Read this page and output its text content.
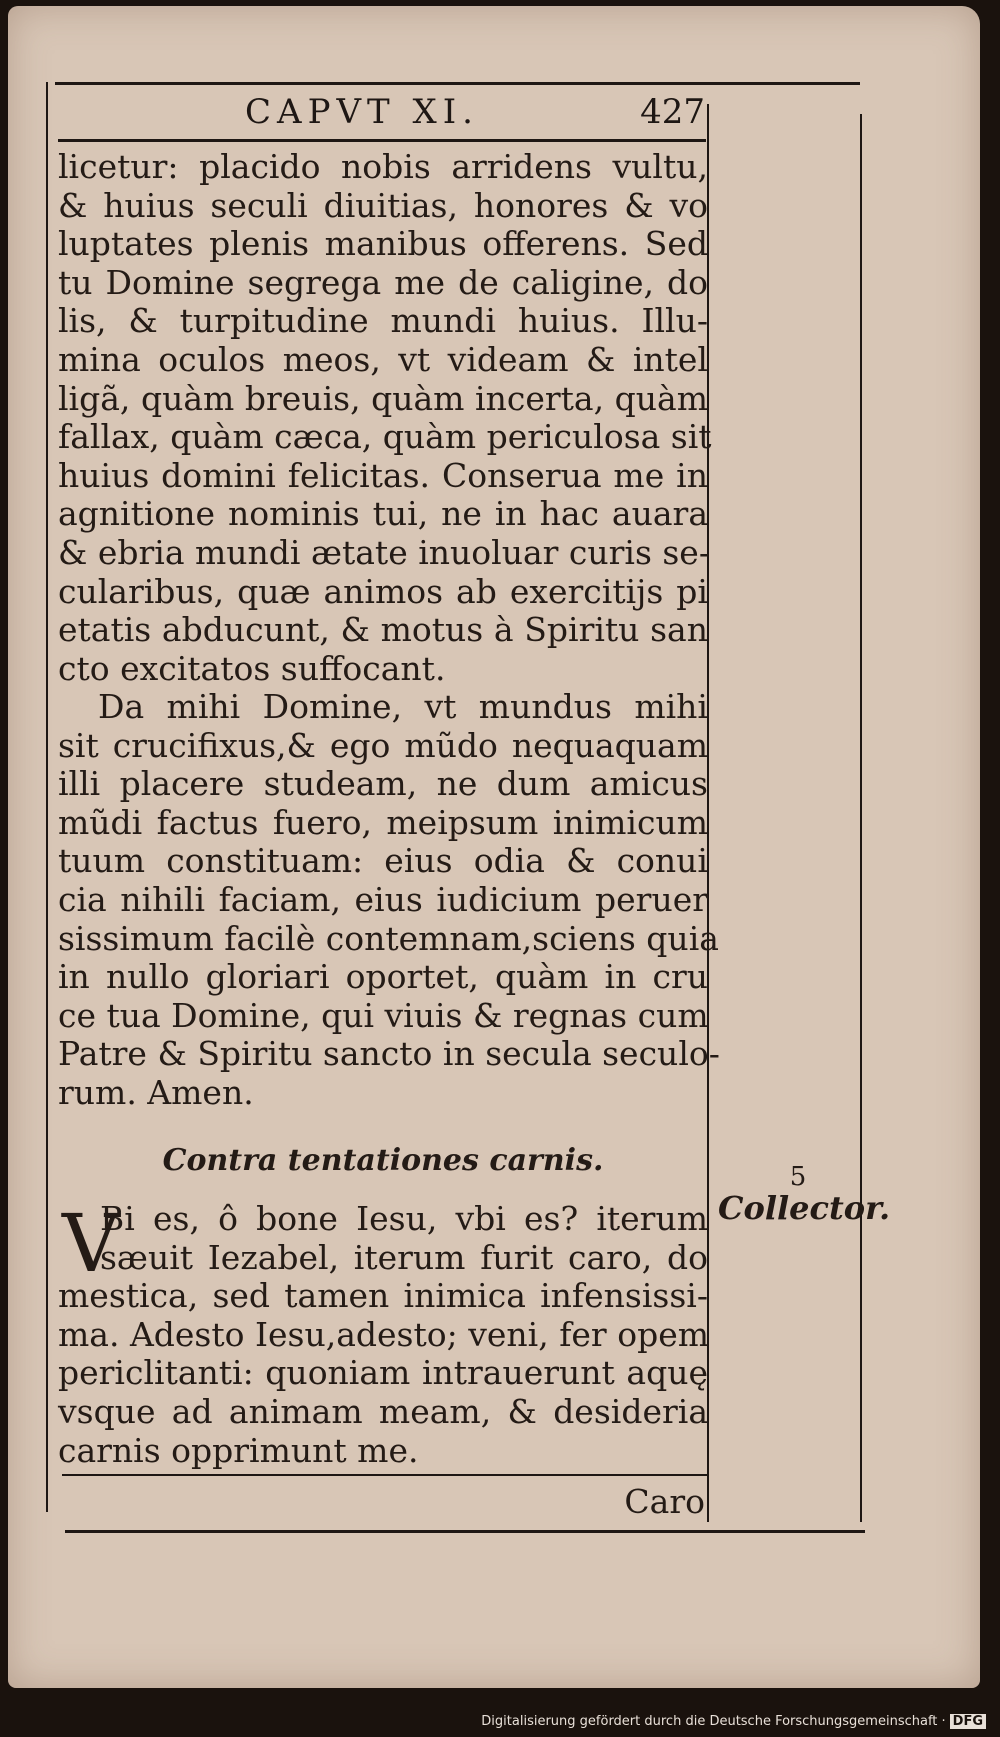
CAPVT XI.	427
licetur: placido nobis arridens vultu,
& huius seculi diuitias, honores & vo
luptates plenis manibus offerens. Sed
tu Domine segrega me de caligine, do
lis, & turpitudine mundi huius. Illu-
mina oculos meos, vt videam & intel
ligã, quàm breuis, quàm incerta, quàm
fallax, quàm cæca, quàm periculosa sit
huius domini felicitas. Conserua me in
agnitione nominis tui, ne in hac auara
& ebria mundi ætate inuoluar curis se-
cularibus, quæ animos ab exercitijs pi
etatis abducunt, & motus à Spiritu san
cto excitatos suffocant.
Da mihi Domine, vt mundus mihi
sit crucifixus,& ego mũdo nequaquam
illi placere studeam, ne dum amicus
mũdi factus fuero, meipsum inimicum
tuum constituam: eius odia & conui
cia nihili faciam, eius iudicium peruer
sissimum facilè contemnam,sciens quia
in nullo gloriari oportet, quàm in cru
ce tua Domine, qui viuis & regnas cum
Patre & Spiritu sancto in secula seculo-
rum. Amen.
Contra tentationes carnis.
V
Bi es, ô bone Iesu, vbi es? iterum
sæuit Iezabel, iterum furit caro, do
mestica, sed tamen inimica infensissi-
ma. Adesto Iesu,adesto; veni, fer opem
periclitanti: quoniam intrauerunt aquę
vsque ad animam meam, & desideria
carnis opprimunt me.
5
Collector.
Caro
Digitalisierung gefördert durch die Deutsche Forschungsgemeinschaft · DFG
